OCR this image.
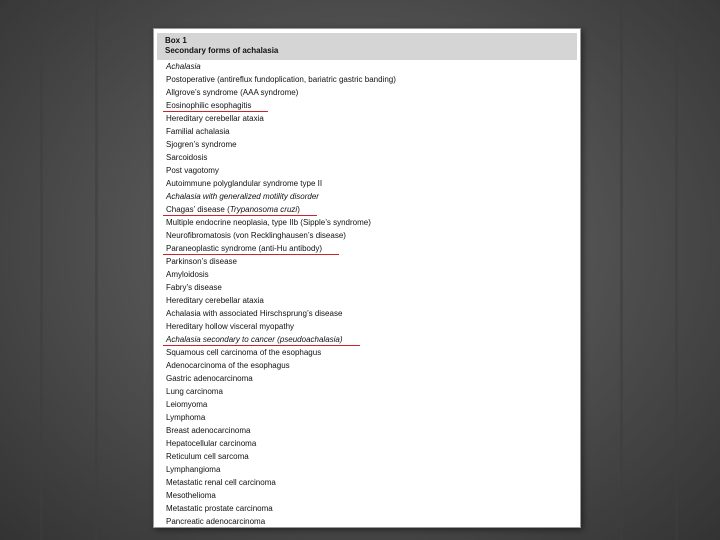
Box 1
Secondary forms of achalasia
Achalasia
Postoperative (antireflux fundoplication, bariatric gastric banding)
Allgrove’s syndrome (AAA syndrome)
Eosinophilic esophagitis
Hereditary cerebellar ataxia
Familial achalasia
Sjogren’s syndrome
Sarcoidosis
Post vagotomy
Autoimmune polyglandular syndrome type II
Achalasia with generalized motility disorder
Chagas’ disease (Trypanosoma cruzi)
Multiple endocrine neoplasia, type IIb (Sipple’s syndrome)
Neurofibromatosis (von Recklinghausen’s disease)
Paraneoplastic syndrome (anti-Hu antibody)
Parkinson’s disease
Amyloidosis
Fabry’s disease
Hereditary cerebellar ataxia
Achalasia with associated Hirschsprung’s disease
Hereditary hollow visceral myopathy
Achalasia secondary to cancer (pseudoachalasia)
Squamous cell carcinoma of the esophagus
Adenocarcinoma of the esophagus
Gastric adenocarcinoma
Lung carcinoma
Leiomyoma
Lymphoma
Breast adenocarcinoma
Hepatocellular carcinoma
Reticulum cell sarcoma
Lymphangioma
Metastatic renal cell carcinoma
Mesothelioma
Metastatic prostate carcinoma
Pancreatic adenocarcinoma
